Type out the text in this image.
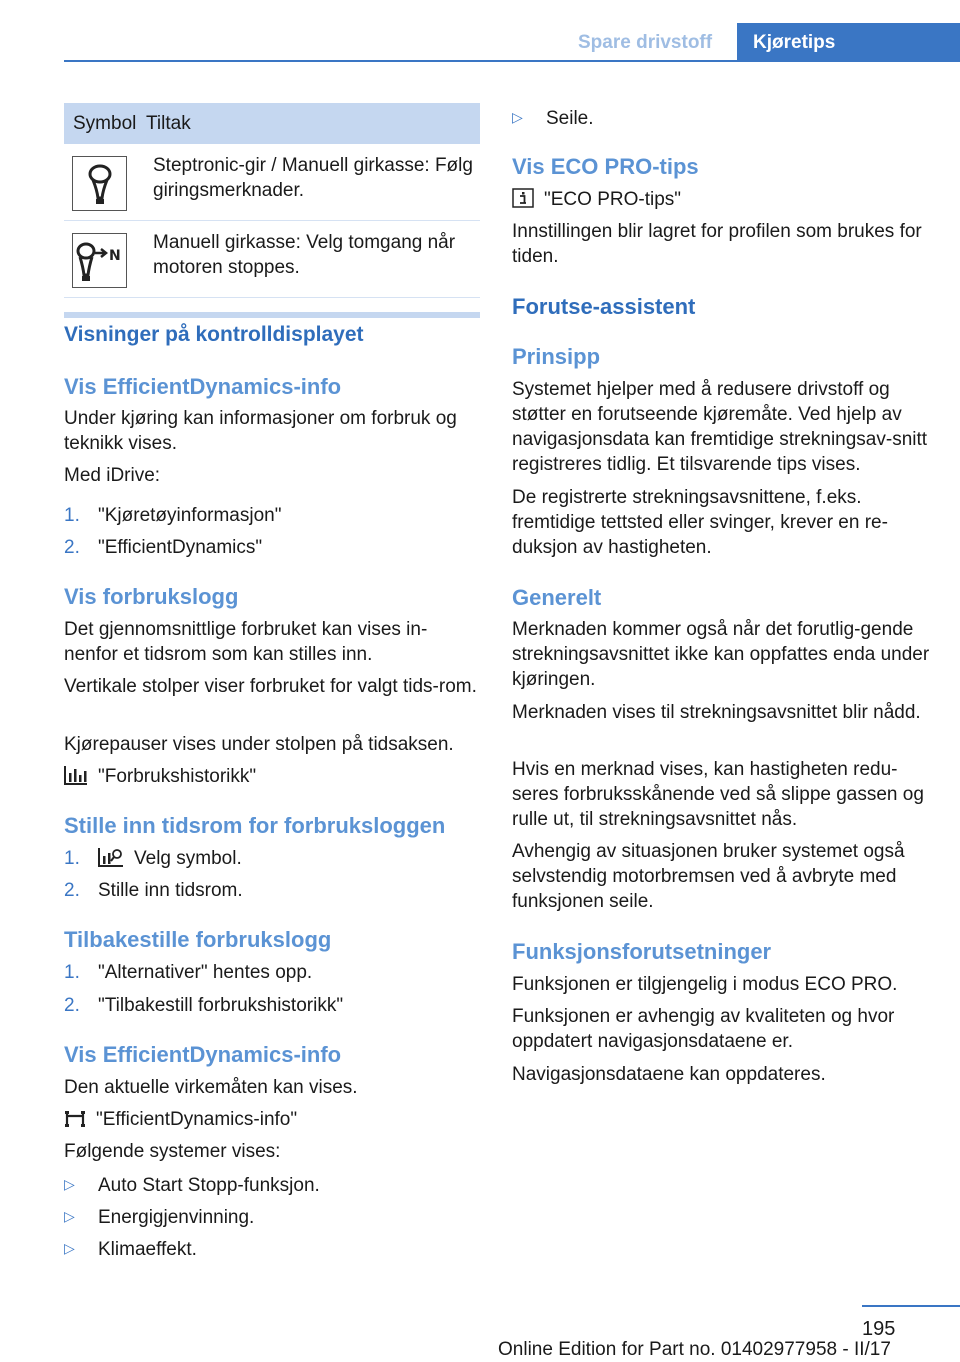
Spare drivstoff	Kjøretips
Symbol Tiltak
Steptronic-gir / Manuell girkasse: Følg giringsmerknader.
N
Manuell girkasse: Velg tomgang når motoren stoppes.
Visninger på kontrolldisplayet
Vis EfficientDynamics-info
Under kjøring kan informasjoner om forbruk og teknikk vises.
Med iDrive:
1. "Kjøretøyinformasjon"
2. "EfficientDynamics"
Vis forbrukslogg
Det gjennomsnittlige forbruket kan vises in-nenfor et tidsrom som kan stilles inn.
Vertikale stolper viser forbruket for valgt tids-rom.
Kjørepauser vises under stolpen på tidsaksen.
"Forbrukshistorikk"
Stille inn tidsrom for forbruksloggen
1.	Velg symbol.
2. Stille inn tidsrom.
Tilbakestille forbrukslogg
1. "Alternativer" hentes opp.
2. "Tilbakestill forbrukshistorikk"
Vis EfficientDynamics-info
Den aktuelle virkemåten kan vises.
"EfficientDynamics-info"
Følgende systemer vises:
▷ Auto Start Stopp-funksjon.
▷ Energigjenvinning.
▷ Klimaeffekt.
▷ Seile.
Vis ECO PRO-tips
"ECO PRO-tips"
Innstillingen blir lagret for profilen som brukes for tiden.
Forutse-assistent
Prinsipp
Systemet hjelper med å redusere drivstoff og støtter en forutseende kjøremåte. Ved hjelp av navigasjonsdata kan fremtidige strekningsav-snitt registreres tidlig. Et tilsvarende tips vises.
De registrerte strekningsavsnittene, f.eks. fremtidige tettsted eller svinger, krever en re-duksjon av hastigheten.
Generelt
Merknaden kommer også når det forutlig-gende strekningsavsnittet ikke kan oppfattes enda under kjøringen.
Merknaden vises til strekningsavsnittet blir nådd.
Hvis en merknad vises, kan hastigheten redu-seres forbruksskånende ved så slippe gassen og rulle ut, til strekningsavsnittet nås.
Avhengig av situasjonen bruker systemet også selvstendig motorbremsen ved å avbryte med funksjonen seile.
Funksjonsforutsetninger
Funksjonen er tilgjengelig i modus ECO PRO.
Funksjonen er avhengig av kvaliteten og hvor oppdatert navigasjonsdataene er.
Navigasjonsdataene kan oppdateres.
195
Online Edition for Part no. 01402977958 - II/17
